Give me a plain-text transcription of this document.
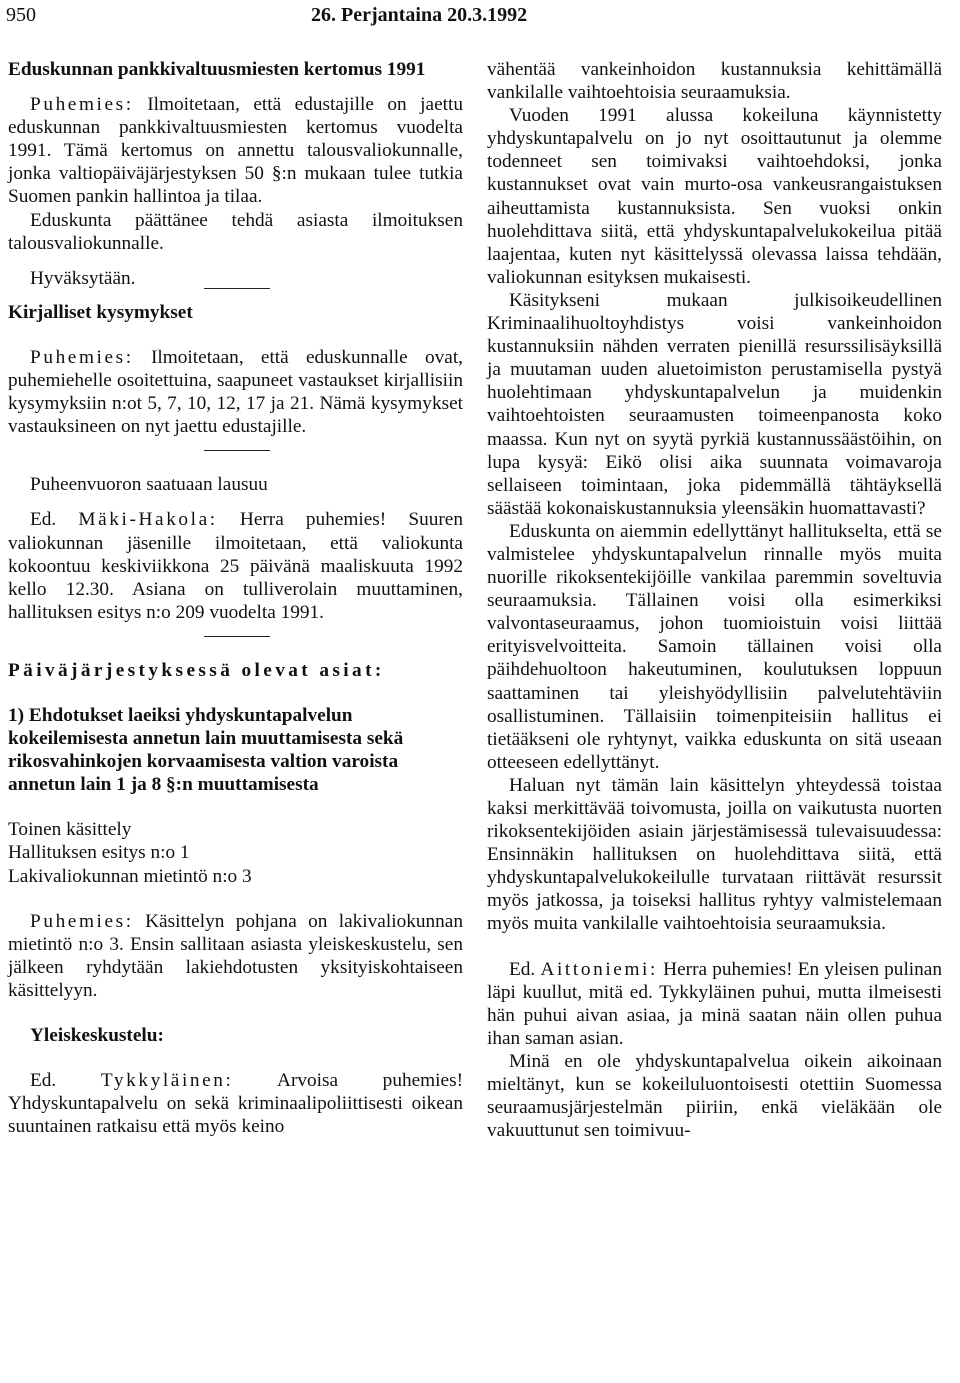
950	26. Perjantaina 20.3.1992

Eduskunnan pankkivaltuusmiesten kertomus 1991

Puhemies: Ilmoitetaan, että edustajille on jaettu eduskunnan pankkivaltuusmiesten kertomus vuodelta 1991. Tämä kertomus on annettu talousvaliokunnalle, jonka valtiopäiväjärjestyksen 50 §:n mukaan tulee tutkia Suomen pankin hallintoa ja tilaa.

Eduskunta päättänee tehdä asiasta ilmoituksen talousvaliokunnalle.

Hyväksytään.

Kirjalliset kysymykset

Puhemies: Ilmoitetaan, että eduskunnalle ovat, puhemiehelle osoitettuina, saapuneet vastaukset kirjallisiin kysymyksiin n:ot 5, 7, 10, 12, 17 ja 21. Nämä kysymykset vastauksineen on nyt jaettu edustajille.

Puheenvuoron saatuaan lausuu

Ed. Mäki-Hakola: Herra puhemies! Suuren valiokunnan jäsenille ilmoitetaan, että valiokunta kokoontuu keskiviikkona 25 päivänä maaliskuuta 1992 kello 12.30. Asiana on tulliverolain muuttaminen, hallituksen esitys n:o 209 vuodelta 1991.

Päiväjärjestyksessä olevat asiat:

1) Ehdotukset laeiksi yhdyskuntapalvelun kokeilemisesta annetun lain muuttamisesta sekä rikosvahinkojen korvaamisesta valtion varoista annetun lain 1 ja 8 §:n muuttamisesta

Toinen käsittely

Hallituksen esitys n:o 1

Lakivaliokunnan mietintö n:o 3

Puhemies: Käsittelyn pohjana on lakivaliokunnan mietintö n:o 3. Ensin sallitaan asiasta yleiskeskustelu, sen jälkeen ryhdytään lakiehdotusten yksityiskohtaiseen käsittelyyn.

Yleiskeskustelu:

Ed. Tykkyläinen: Arvoisa puhemies! Yhdyskuntapalvelu on sekä kriminaalipoliittisesti oikean suuntainen ratkaisu että myös keino

vähentää vankeinhoidon kustannuksia kehittämällä vankilalle vaihtoehtoisia seuraamuksia.

Vuoden 1991 alussa kokeiluna käynnistetty yhdyskuntapalvelu on jo nyt osoittautunut ja olemme todenneet sen toimivaksi vaihtoehdoksi, jonka kustannukset ovat vain murto-osa vankeusrangaistuksen aiheuttamista kustannuksista. Sen vuoksi onkin huolehdittava siitä, että yhdyskuntapalvelukokeilua pitää laajentaa, kuten nyt käsittelyssä olevassa laissa tehdään, valiokunnan esityksen mukaisesti.

Käsitykseni mukaan julkisoikeudellinen Kriminaalihuoltoyhdistys voisi vankeinhoidon kustannuksiin nähden verraten pienillä resurssilisäyksillä ja muutaman uuden aluetoimiston perustamisella pystyä huolehtimaan yhdyskuntapalvelun ja muidenkin vaihtoehtoisten seuraamusten toimeenpanosta koko maassa. Kun nyt on syytä pyrkiä kustannussäästöihin, on lupa kysyä: Eikö olisi aika suunnata voimavaroja sellaiseen toimintaan, joka pidemmällä tähtäyksellä säästää kokonaiskustannuksia yleensäkin huomattavasti?

Eduskunta on aiemmin edellyttänyt hallitukselta, että se valmistelee yhdyskuntapalvelun rinnalle myös muita nuorille rikoksentekijöille vankilaa paremmin soveltuvia seuraamuksia. Tällainen voisi olla esimerkiksi valvontaseuraamus, johon tuomioistuin voisi liittää erityisvelvoitteita. Samoin tällainen voisi olla päihdehuoltoon hakeutuminen, koulutuksen loppuun saattaminen tai yleishyödyllisiin palvelutehtäviin osallistuminen. Tällaisiin toimenpiteisiin hallitus ei tietääkseni ole ryhtynyt, vaikka eduskunta on sitä useaan otteeseen edellyttänyt.

Haluan nyt tämän lain käsittelyn yhteydessä toistaa kaksi merkittävää toivomusta, joilla on vaikutusta nuorten rikoksentekijöiden asiain järjestämisessä tulevaisuudessa: Ensinnäkin hallituksen on huolehdittava siitä, että yhdyskuntapalvelukokeilulle turvataan riittävät resurssit myös jatkossa, ja toiseksi hallitus ryhtyy valmistelemaan myös muita vankilalle vaihtoehtoisia seuraamuksia.

Ed. Aittoniemi: Herra puhemies! En yleisen pulinan läpi kuullut, mitä ed. Tykkyläinen puhui, mutta ilmeisesti hän puhui aivan asiaa, ja minä saatan näin ollen puhua ihan saman asian.

Minä en ole yhdyskuntapalvelua oikein aikoinaan mieltänyt, kun se kokeiluluontoisesti otettiin Suomessa seuraamusjärjestelmän piiriin, enkä vieläkään ole vakuuttunut sen toimivuu-
